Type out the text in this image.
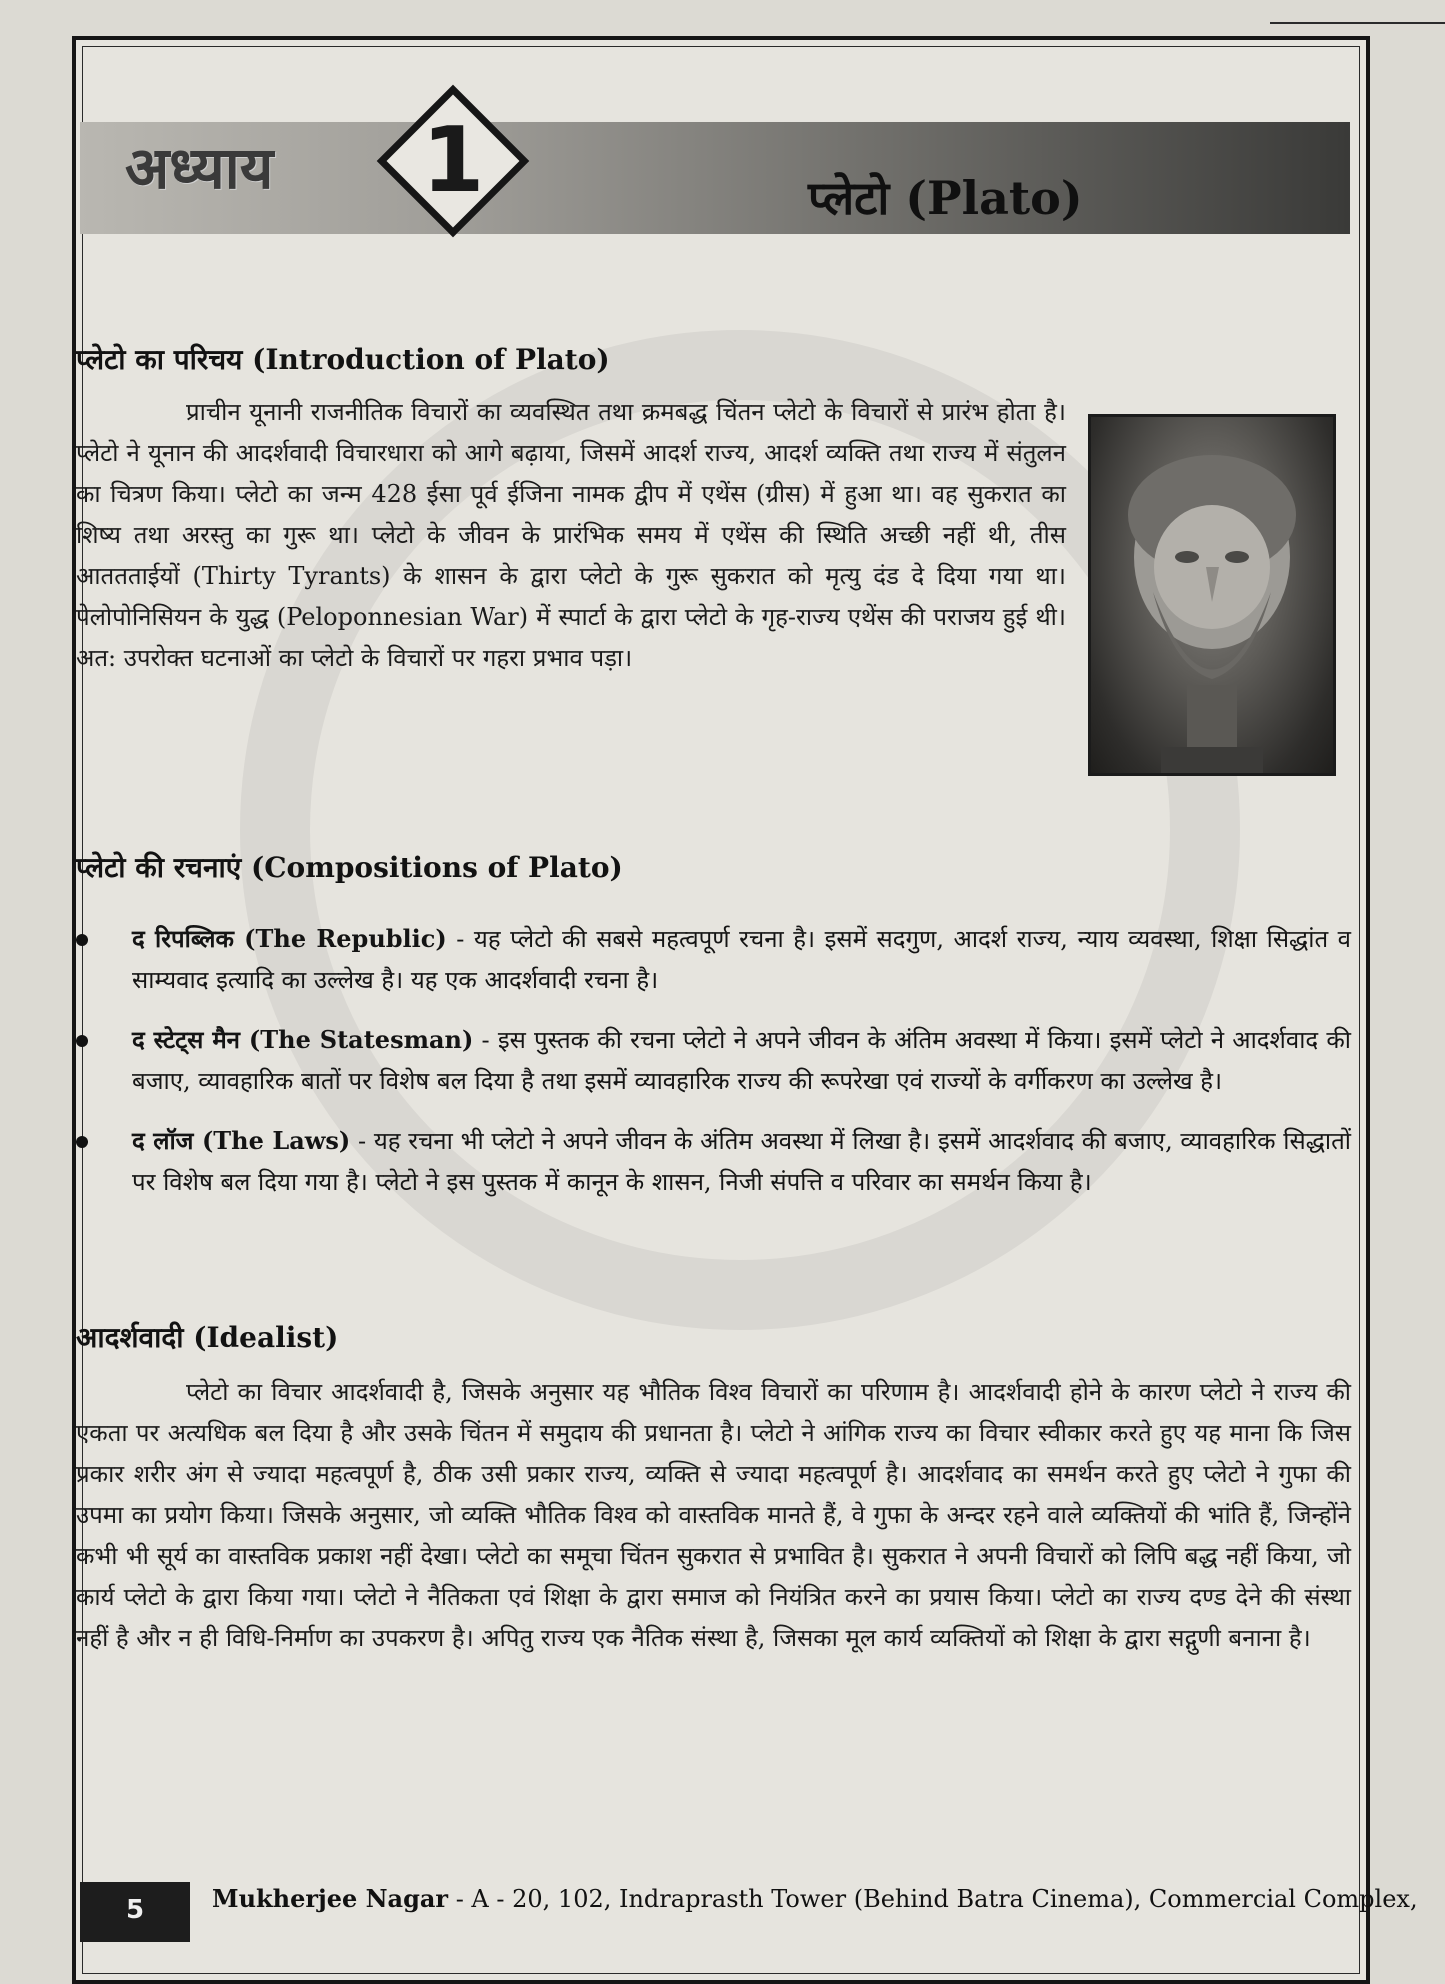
अध्याय	1	प्लेटो (Plato)
प्लेटो का परिचय (Introduction of Plato)
प्राचीन यूनानी राजनीतिक विचारों का व्यवस्थित तथा क्रमबद्ध चिंतन प्लेटो के विचारों से प्रारंभ होता है। प्लेटो ने यूनान की आदर्शवादी विचारधारा को आगे बढ़ाया, जिसमें आदर्श राज्य, आदर्श व्यक्ति तथा राज्य में संतुलन का चित्रण किया। प्लेटो का जन्म 428 ईसा पूर्व ईजिना नामक द्वीप में एथेंस (ग्रीस) में हुआ था। वह सुकरात का शिष्य तथा अरस्तु का गुरू था। प्लेटो के जीवन के प्रारंभिक समय में एथेंस की स्थिति अच्छी नहीं थी, तीस आततताईयों (Thirty Tyrants) के शासन के द्वारा प्लेटो के गुरू सुकरात को मृत्यु दंड दे दिया गया था। पेलोपोनिसियन के युद्ध (Peloponnesian War) में स्पार्टा के द्वारा प्लेटो के गृह-राज्य एथेंस की पराजय हुई थी। अत: उपरोक्त घटनाओं का प्लेटो के विचारों पर गहरा प्रभाव पड़ा।
प्लेटो की रचनाएं (Compositions of Plato)
द रिपब्लिक (The Republic) - यह प्लेटो की सबसे महत्वपूर्ण रचना है। इसमें सदगुण, आदर्श राज्य, न्याय व्यवस्था, शिक्षा सिद्धांत व साम्यवाद इत्यादि का उल्लेख है। यह एक आदर्शवादी रचना है।
द स्टेट्स मैन (The Statesman) - इस पुस्तक की रचना प्लेटो ने अपने जीवन के अंतिम अवस्था में किया। इसमें प्लेटो ने आदर्शवाद की बजाए, व्यावहारिक बातों पर विशेष बल दिया है तथा इसमें व्यावहारिक राज्य की रूपरेखा एवं राज्यों के वर्गीकरण का उल्लेख है।
द लॉज (The Laws) - यह रचना भी प्लेटो ने अपने जीवन के अंतिम अवस्था में लिखा है। इसमें आदर्शवाद की बजाए, व्यावहारिक सिद्धातों पर विशेष बल दिया गया है। प्लेटो ने इस पुस्तक में कानून के शासन, निजी संपत्ति व परिवार का समर्थन किया है।
आदर्शवादी (Idealist)
प्लेटो का विचार आदर्शवादी है, जिसके अनुसार यह भौतिक विश्व विचारों का परिणाम है। आदर्शवादी होने के कारण प्लेटो ने राज्य की एकता पर अत्यधिक बल दिया है और उसके चिंतन में समुदाय की प्रधानता है। प्लेटो ने आंगिक राज्य का विचार स्वीकार करते हुए यह माना कि जिस प्रकार शरीर अंग से ज्यादा महत्वपूर्ण है, ठीक उसी प्रकार राज्य, व्यक्ति से ज्यादा महत्वपूर्ण है। आदर्शवाद का समर्थन करते हुए प्लेटो ने गुफा की उपमा का प्रयोग किया। जिसके अनुसार, जो व्यक्ति भौतिक विश्व को वास्तविक मानते हैं, वे गुफा के अन्दर रहने वाले व्यक्तियों की भांति हैं, जिन्होंने कभी भी सूर्य का वास्तविक प्रकाश नहीं देखा। प्लेटो का समूचा चिंतन सुकरात से प्रभावित है। सुकरात ने अपनी विचारों को लिपि बद्ध नहीं किया, जो कार्य प्लेटो के द्वारा किया गया। प्लेटो ने नैतिकता एवं शिक्षा के द्वारा समाज को नियंत्रित करने का प्रयास किया। प्लेटो का राज्य दण्ड देने की संस्था नहीं है और न ही विधि-निर्माण का उपकरण है। अपितु राज्य एक नैतिक संस्था है, जिसका मूल कार्य व्यक्तियों को शिक्षा के द्वारा सद्गुणी बनाना है।
5	Mukherjee Nagar - A - 20, 102, Indraprasth Tower (Behind Batra Cinema), Commercial Complex,
